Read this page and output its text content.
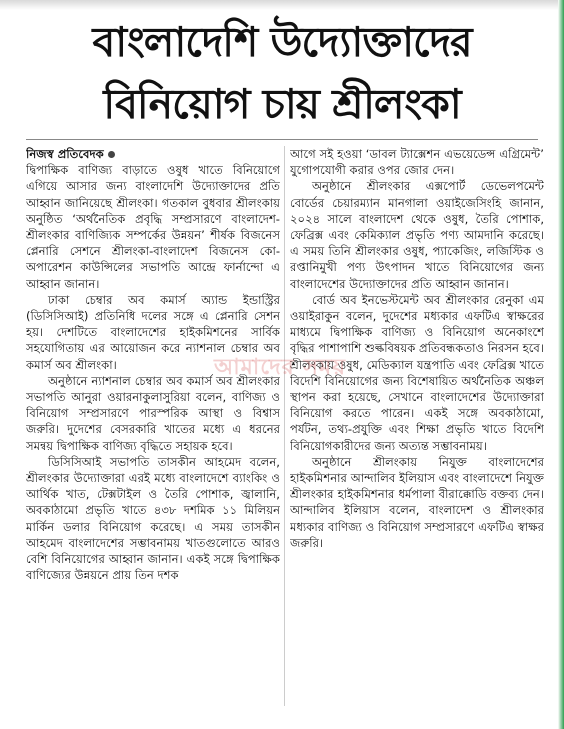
বাংলাদেশি উদ্যোক্তাদের
বিনিয়োগ চায় শ্রীলংকা

নিজস্ব প্রতিবেদক

দ্বিপাক্ষিক বাণিজ্য বাড়াতে ওষুধ খাতে বিনিয়োগে এগিয়ে আসার জন্য বাংলাদেশি উদ্যোক্তাদের প্রতি আহ্বান জানিয়েছে শ্রীলংকা। গতকাল বুধবার শ্রীলংকায় অনুষ্ঠিত ‘অর্থনৈতিক প্রবৃদ্ধি সম্প্রসারণে বাংলাদেশ-শ্রীলংকার বাণিজ্যিক সম্পর্কের উন্নয়ন’ শীর্ষক বিজনেস প্লেনারি সেশনে শ্রীলংকা-বাংলাদেশ বিজনেস কো-অপারেশন কাউন্সিলের সভাপতি আন্দ্রে ফার্নান্দো এ আহ্বান জানান।

ঢাকা চেম্বার অব কমার্স অ্যান্ড ইন্ডাস্ট্রির (ডিসিসিআই) প্রতিনিধি দলের সঙ্গে এ প্লেনারি সেশন হয়। দেশটিতে বাংলাদেশের হাইকমিশনের সার্বিক সহযোগিতায় এর আয়োজন করে ন্যাশনাল চেম্বার অব কমার্স অব শ্রীলংকা।

অনুষ্ঠানে ন্যাশনাল চেম্বার অব কমার্স অব শ্রীলংকার সভাপতি আনুরা ওয়ারনাকুলাসুরিয়া বলেন, বাণিজ্য ও বিনিয়োগ সম্প্রসারণে পারস্পরিক আস্থা ও বিশ্বাস জরুরি। দুদেশের বেসরকারি খাতের মধ্যে এ ধরনের সমন্বয় দ্বিপাক্ষিক বাণিজ্য বৃদ্ধিতে সহায়ক হবে।

ডিসিসিআই সভাপতি তাসকীন আহমেদ বলেন, শ্রীলংকার উদ্যোক্তারা এরই মধ্যে বাংলাদেশে ব্যাংকিং ও আর্থিক খাত, টেক্সটাইল ও তৈরি পোশাক, জ্বালানি, অবকাঠামো প্রভৃতি খাতে ৪৩৮ দশমিক ১১ মিলিয়ন মার্কিন ডলার বিনিয়োগ করেছে। এ সময় তাসকীন আহমেদ বাংলাদেশের সম্ভাবনাময় খাতগুলোতে আরও বেশি বিনিয়োগের আহ্বান জানান। একই সঙ্গে দ্বিপাক্ষিক বাণিজ্যের উন্নয়নে প্রায় তিন দশক

আগে সই হওয়া ‘ডাবল ট্যাক্সেশন এভয়েডেন্স এগ্রিমেন্ট’ যুগোপযোগী করার ওপর জোর দেন।

অনুষ্ঠানে শ্রীলংকার এক্সপোর্ট ডেভেলপমেন্ট বোর্ডের চেয়ারম্যান মানগালা ওয়াইজেসিংহি জানান, ২০২৪ সালে বাংলাদেশ থেকে ওষুধ, তৈরি পোশাক, ফেব্রিক্স এবং কেমিক্যাল প্রভৃতি পণ্য আমদানি করেছে। এ সময় তিনি শ্রীলংকার ওষুধ, প্যাকেজিং, লজিস্টিক ও রপ্তানিমুখী পণ্য উৎপাদন খাতে বিনিয়োগের জন্য বাংলাদেশের উদ্যোক্তাদের প্রতি আহ্বান জানান।

বোর্ড অব ইনভেস্টমেন্ট অব শ্রীলংকার রেনুকা এম ওয়াইরাকুন বলেন, দুদেশের মধ্যকার এফটিএ স্বাক্ষরের মাধ্যমে দ্বিপাক্ষিক বাণিজ্য ও বিনিয়োগ অনেকাংশে বৃদ্ধির পাশাপাশি শুল্কবিষয়ক প্রতিবন্ধকতাও নিরসন হবে। শ্রীলংকায় ওষুধ, মেডিক্যাল যন্ত্রপাতি এবং ফেব্রিক্স খাতে বিদেশি বিনিয়োগের জন্য বিশেষায়িত অর্থনৈতিক অঞ্চল স্থাপন করা হয়েছে, সেখানে বাংলাদেশের উদ্যোক্তারা বিনিয়োগ করতে পারেন। একই সঙ্গে অবকাঠামো, পর্যটন, তথ্য-প্রযুক্তি এবং শিক্ষা প্রভৃতি খাতে বিদেশি বিনিয়োগকারীদের জন্য অত্যন্ত সম্ভাবনাময়।

অনুষ্ঠানে শ্রীলংকায় নিযুক্ত বাংলাদেশের হাইকমিশনার আন্দালিব ইলিয়াস এবং বাংলাদেশে নিযুক্ত শ্রীলংকার হাইকমিশনার ধর্মপালা বীরাক্কোডি বক্তব্য দেন। আন্দালিব ইলিয়াস বলেন, বাংলাদেশ ও শ্রীলংকার মধ্যকার বাণিজ্য ও বিনিয়োগ সম্প্রসারণে এফটিএ স্বাক্ষর জরুরি।

আমাদের সময়
